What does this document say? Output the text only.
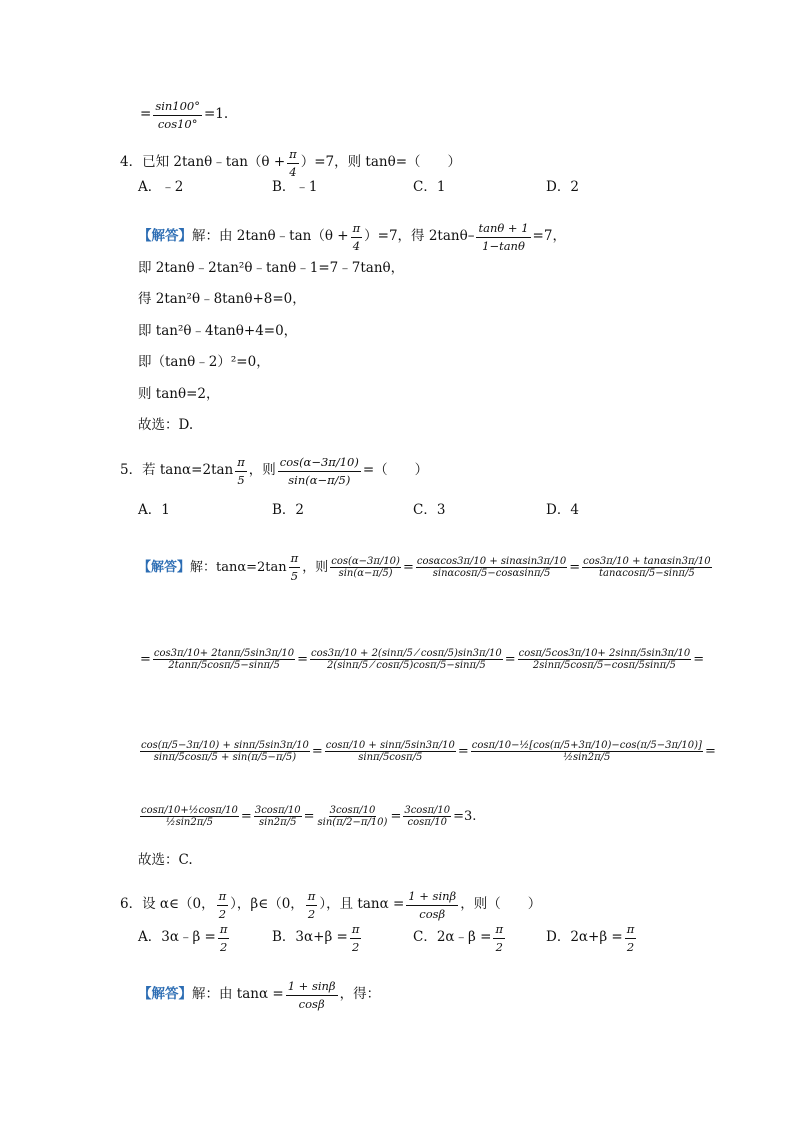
= $\frac{\sin 100^\circ}{\cos 10^\circ} =1$.
4．已知 2tanθ﹣tan（θ + $\frac{\pi}{4} )=7$，则 tanθ=（　　）
A．﹣2	B．﹣1	C．1	D．2
【解答】 解：由 2tanθ﹣tan（θ + $\frac{\pi}{4} )=7$，得 $2\tan\theta- \frac{\tan\theta + 1}{1-\tan\theta} =7$，
即 2tanθ﹣2tan²θ﹣tanθ﹣1=7﹣7tanθ，
得 2tan²θ﹣8tanθ+8=0，
即 tan²θ﹣4tanθ+4=0，
即（tanθ﹣2）²=0，
则 tanθ=2，
故选：D.
5．若 tanα=2tan
π
5
，则 $\frac{\cos(\alpha-3\pi/10)}{\sin(\alpha-\pi/5)}$ =（　　）
A．1	B．2	C．3	D．4
【解答】 解：tanα=2tan
π
5
，则 cos(α−3π/10)
sin(α−π/5) = cosαcos3π/10 + sinαsin3π/10
sinαcosπ/5−cosαsinπ/5 = cos3π/10 + tanαsin3π/10
tanαcosπ/5−sinπ/5
= cos3π/10+ 2tanπ/5sin3π/10
2tanπ/5cosπ/5−sinπ/5 = cos3π/10 + 2(sinπ/5 ⁄ cosπ/5)sin3π/10
2(sinπ/5 ⁄ cosπ/5)cosπ/5−sinπ/5 = cosπ/5cos3π/10+ 2sinπ/5sin3π/10
2sinπ/5cosπ/5−cosπ/5sinπ/5 =
cos(π/5−3π/10) + sinπ/5sin3π/10
sinπ/5cosπ/5 + sin(π/5−π/5) = cosπ/10 + sinπ/5sin3π/10
sinπ/5cosπ/5	= cosπ/10−½[cos(π/5+3π/10)−cos(π/5−3π/10)]
½sin2π/5	=
cosπ/10+½cosπ/10
½sin2π/5 = 3cosπ/10
sin2π/5 = 3cosπ/10
$\sin(\pi/2-\pi/10) = \frac{3\cos\pi/10}{\cos\pi/10} =3$.
故选：C.
6．设 α∈（0，
π
2
），β∈（0，
π
2
），且 $\tan\alpha = \frac{1 + \sin\beta}{\cos\beta}$ ，则（　　）
A．3α﹣β = $\frac{\pi}{2}$	B．$3\alpha+\beta = \frac{\pi}{2}$	C．2α﹣β = $\frac{\pi}{2}$	D．$2\alpha+\beta = \frac{\pi}{2}$
【解答】 解：由 $\tan\alpha = \frac{1 + \sin\beta}{\cos\beta}$ ，得：
